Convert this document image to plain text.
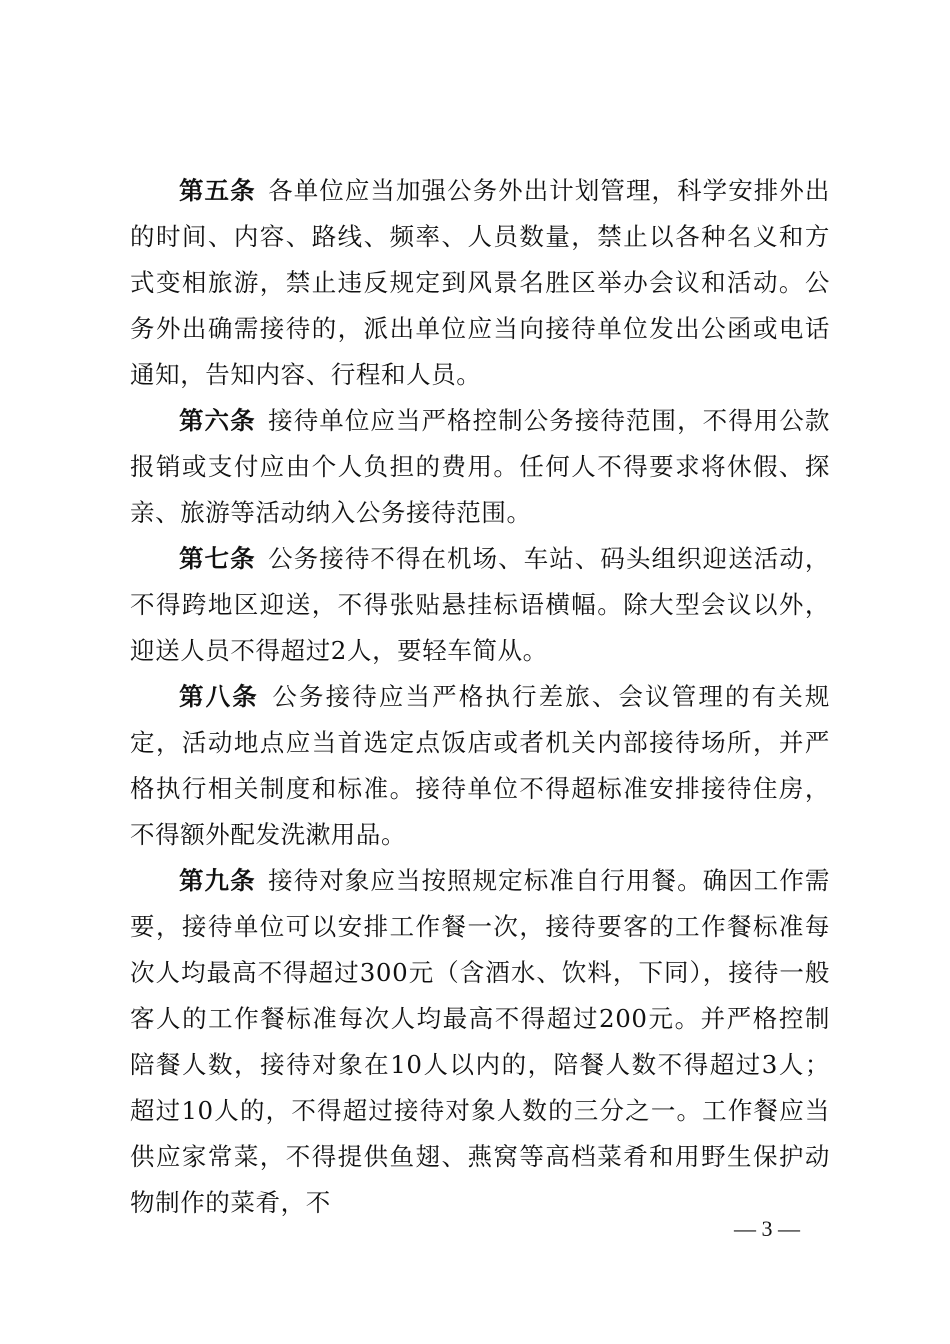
第五条 各单位应当加强公务外出计划管理，科学安排外出的时间、内容、路线、频率、人员数量，禁止以各种名义和方式变相旅游，禁止违反规定到风景名胜区举办会议和活动。公务外出确需接待的，派出单位应当向接待单位发出公函或电话通知，告知内容、行程和人员。

第六条 接待单位应当严格控制公务接待范围，不得用公款报销或支付应由个人负担的费用。任何人不得要求将休假、探亲、旅游等活动纳入公务接待范围。

第七条 公务接待不得在机场、车站、码头组织迎送活动，不得跨地区迎送，不得张贴悬挂标语横幅。除大型会议以外，迎送人员不得超过2人，要轻车简从。

第八条 公务接待应当严格执行差旅、会议管理的有关规定，活动地点应当首选定点饭店或者机关内部接待场所，并严格执行相关制度和标准。接待单位不得超标准安排接待住房，不得额外配发洗漱用品。

第九条 接待对象应当按照规定标准自行用餐。确因工作需要，接待单位可以安排工作餐一次，接待要客的工作餐标准每次人均最高不得超过300元（含酒水、饮料，下同），接待一般客人的工作餐标准每次人均最高不得超过200元。并严格控制陪餐人数，接待对象在10人以内的，陪餐人数不得超过3人；超过10人的，不得超过接待对象人数的三分之一。工作餐应当供应家常菜，不得提供鱼翅、燕窝等高档菜肴和用野生保护动物制作的菜肴，不

— 3 —
